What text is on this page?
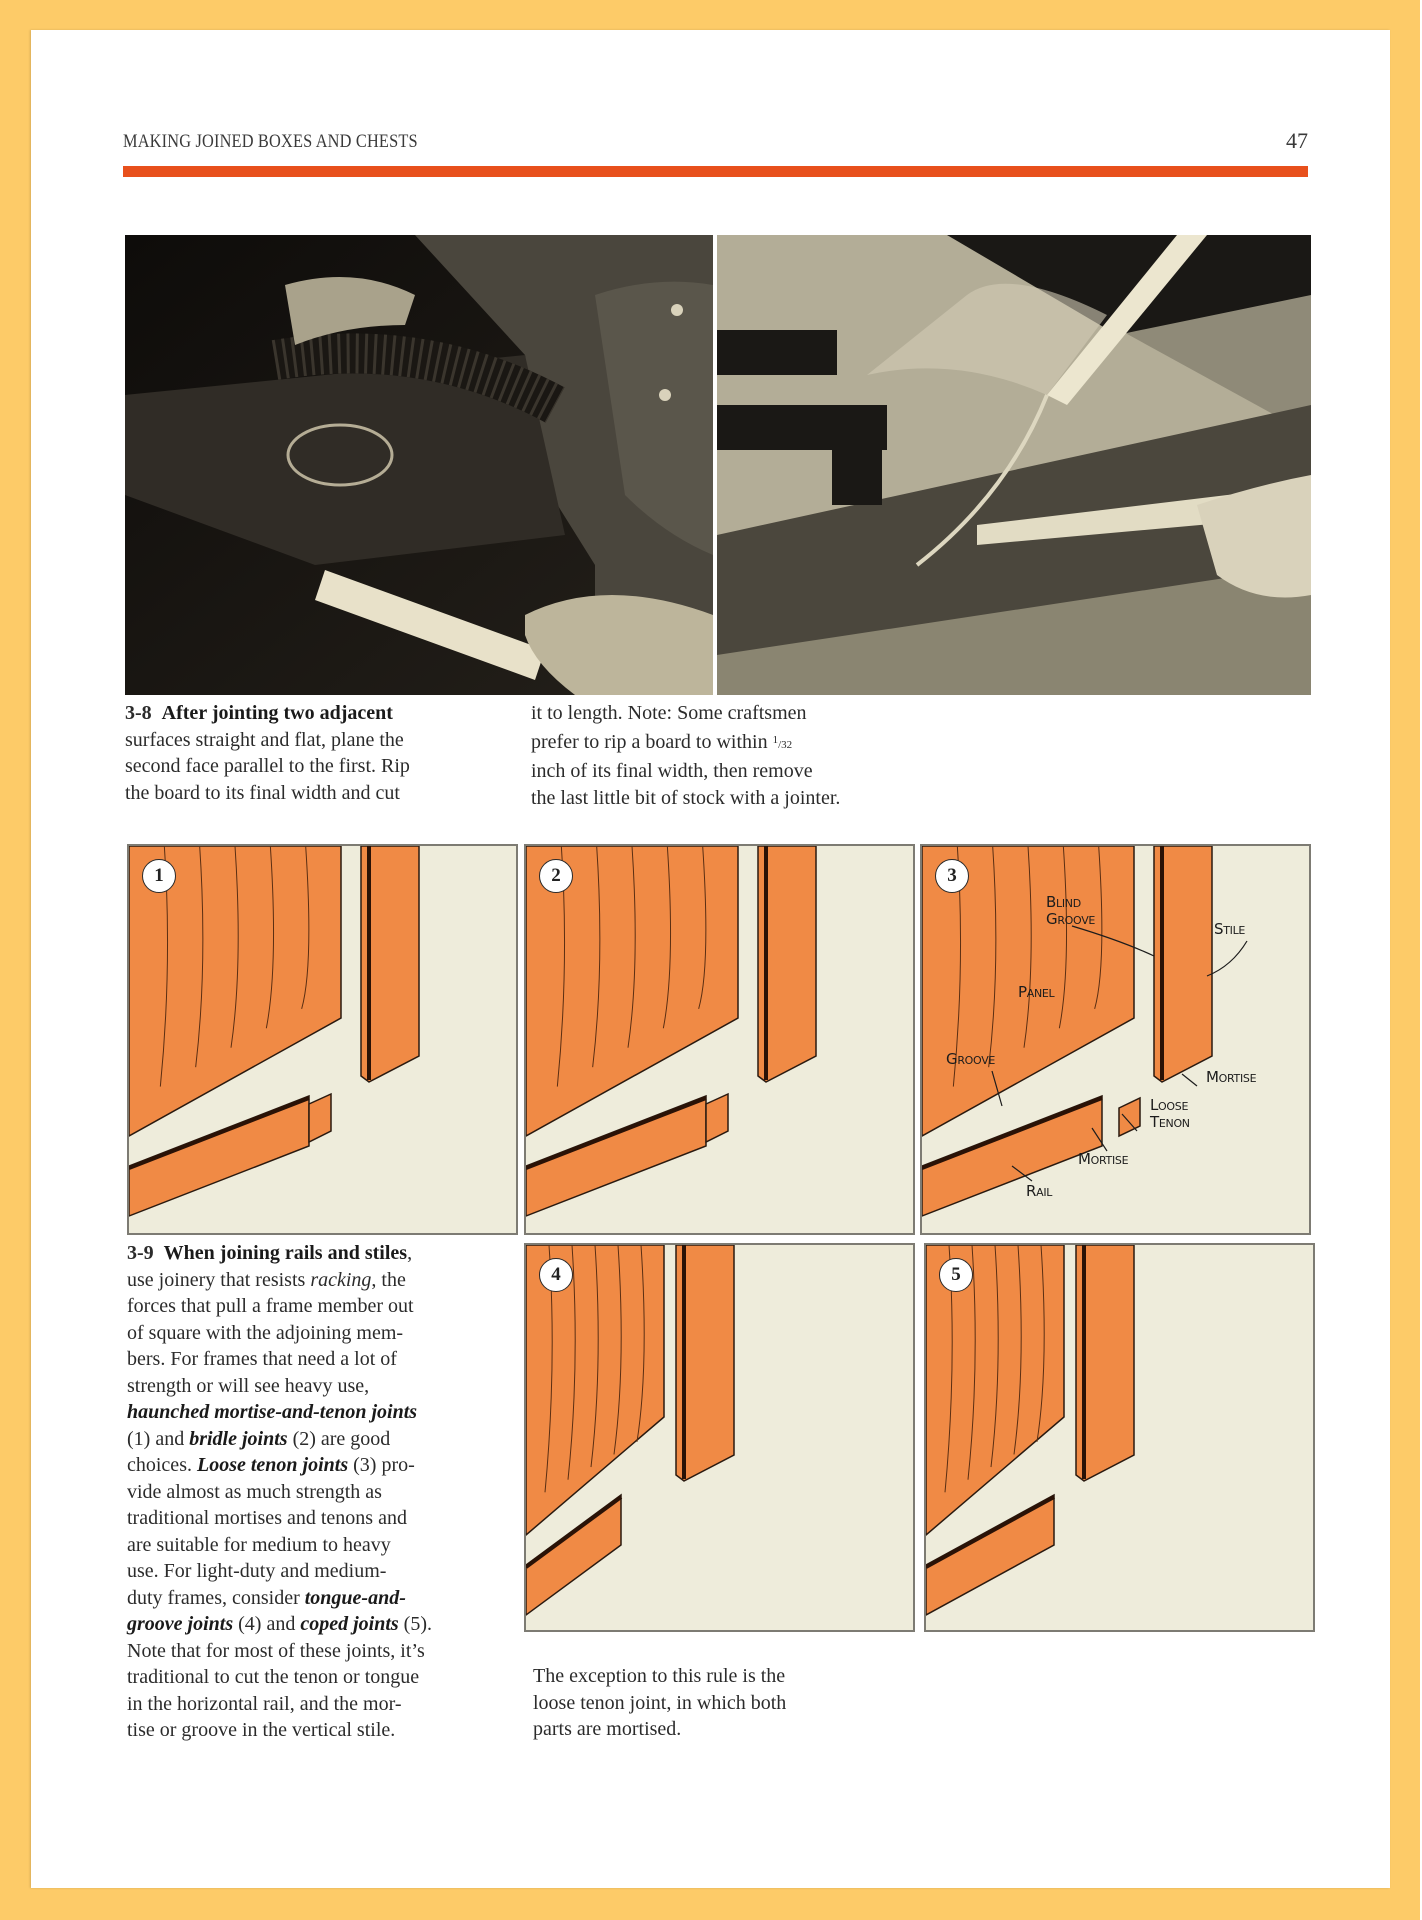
MAKING JOINED BOXES AND CHESTS	47
3-8 After jointing two adjacent
surfaces straight and flat, plane the
second face parallel to the first. Rip
the board to its final width and cut
it to length. Note: Some craftsmen
prefer to rip a board to within $^1$/32
inch of its final width, then remove
the last little bit of stock with a jointer.
1	2	3
Blind
Groove
Stile
Panel
Groove
Mortise
Loose
Tenon
Mortise
Rail
4	5
3-9 When joining rails and stiles,
use joinery that resists racking, the
forces that pull a frame member out
of square with the adjoining mem-
bers. For frames that need a lot of
strength or will see heavy use,
haunched mortise-and-tenon joints
(1) and bridle joints (2) are good
choices. Loose tenon joints (3) pro-
vide almost as much strength as
traditional mortises and tenons and
are suitable for medium to heavy
use. For light-duty and medium-
duty frames, consider tongue-and-
groove joints (4) and coped joints (5).
Note that for most of these joints, it’s
traditional to cut the tenon or tongue
in the horizontal rail, and the mor-
tise or groove in the vertical stile.
The exception to this rule is the
loose tenon joint, in which both
parts are mortised.
